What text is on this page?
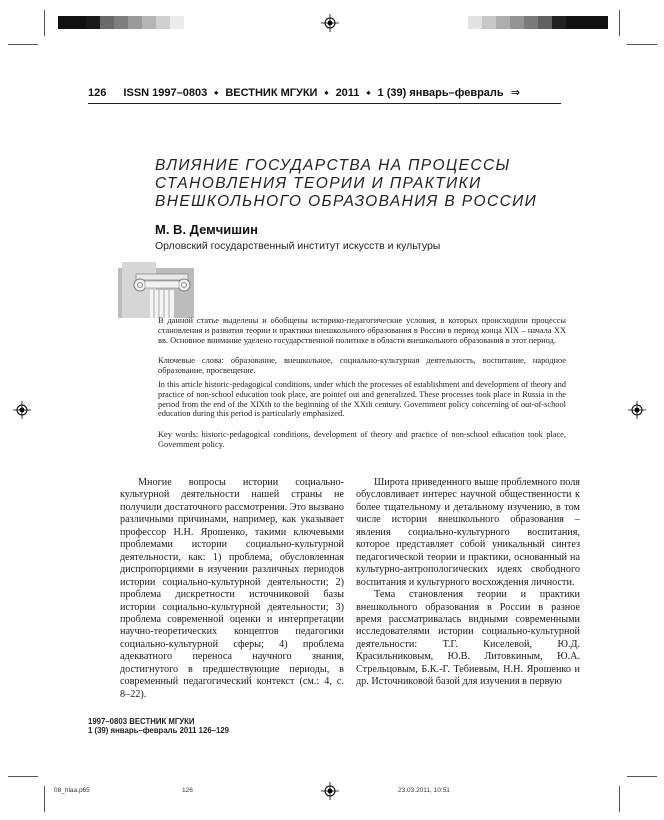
126 ISSN 1997–0803 ⬩ ВЕСТНИК МГУКИ ⬩ 2011 ⬩ 1 (39) январь–февраль ⇒
ВЛИЯНИЕ ГОСУДАРСТВА НА ПРОЦЕССЫ
СТАНОВЛЕНИЯ ТЕОРИИ И ПРАКТИКИ
ВНЕШКОЛЬНОГО ОБРАЗОВАНИЯ В РОССИИ
М. В. Демчишин
Орловский государственный институт искусств и культуры

В данной статье выделены и обобщены историко-педагогические условия, в которых происходили процессы становления и развития теории и практики внешкольного образования в России в период конца XIX – начала XX вв. Основное внимание уделено государственной политике в области внешкольного образования в этот период.

Ключевые слова: образование, внешкольное, социально-культурная деятельность, воспитание, народное образование, просвещение.

In this article historic-pedagogical conditions, under which the processes of establishment and development of theory and practice of non-school education took place, are pointef out and generalized. These processes took place in Russia in the period from the end of the XIXth to the beginning of the XXth century. Government policy concerning of out-of-school education during this period is particularly emphasized.

Key words: historic-pedagogical conditions, development of theory and practice of non-school education took place, Government policy.

Многие вопросы истории социально-культурной деятельности нашей страны не получили достаточного рассмотрения. Это вызвано различными причинами, например, как указывает профессор Н.Н. Ярошенко, такими ключевыми проблемами истории социально-культурной деятельности, как: 1) проблема, обусловленная диспропорциями в изучении различных периодов истории социально-культурной деятельности; 2) проблема дискретности источниковой базы истории социально-культурной деятельности; 3) проблема современной оценки и интерпретации научно-теоретических концептов педагогики социально-культурной сферы; 4) проблема адекватного переноса научного знания, достигнутого в предшествующие периоды, в современный педагогический контекст (см.: 4, с. 8–22).

Широта приведенного выше проблемного поля обусловливает интерес научной общественности к более тщательному и детальному изучению, в том числе истории внешкольного образования – явления социально-культурного воспитания, которое представляет собой уникальный синтез педагогической теории и практики, основанный на культурно-антропологических идеях свободного воспитания и культурного восхождения личности.

Тема становления теории и практики внешкольного образования в России в разное время рассматривалась видными современными исследователями истории социально-культурной деятельности: Т.Г. Киселевой, Ю.Д. Красильниковым, Ю.В. Литовкиным, Ю.А. Стрельцовым, Б.К.-Г. Тебиевым, Н.Н. Ярошенко и др. Источниковой базой для изучения в первую

1997–0803 ВЕСТНИК МГУКИ
1 (39) январь–февраль 2011 126–129
08_hlaa.p65	126	23.03.2011, 10:51
